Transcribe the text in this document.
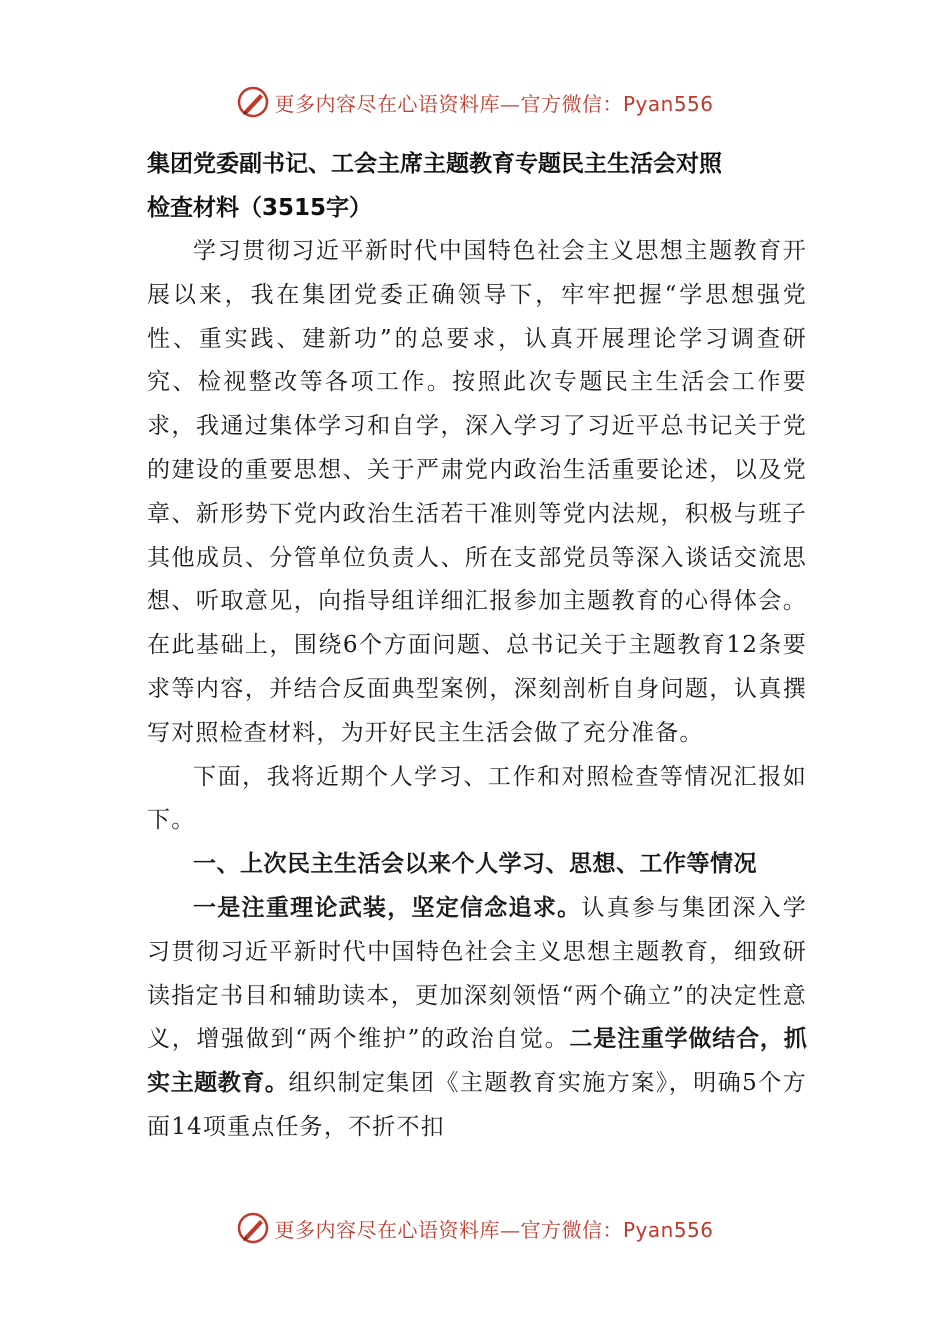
更多内容尽在心语资料库—官方微信：Pyan556

集团党委副书记、工会主席主题教育专题民主生活会对照
检查材料（3515字）

学习贯彻习近平新时代中国特色社会主义思想主题教育开展以来，我在集团党委正确领导下，牢牢把握“学思想强党性、重实践、建新功”的总要求，认真开展理论学习调查研究、检视整改等各项工作。按照此次专题民主生活会工作要求，我通过集体学习和自学，深入学习了习近平总书记关于党的建设的重要思想、关于严肃党内政治生活重要论述，以及党章、新形势下党内政治生活若干准则等党内法规，积极与班子其他成员、分管单位负责人、所在支部党员等深入谈话交流思想、听取意见，向指导组详细汇报参加主题教育的心得体会。在此基础上，围绕6个方面问题、总书记关于主题教育12条要求等内容，并结合反面典型案例，深刻剖析自身问题，认真撰写对照检查材料，为开好民主生活会做了充分准备。

下面，我将近期个人学习、工作和对照检查等情况汇报如下。

一、上次民主生活会以来个人学习、思想、工作等情况

一是注重理论武装，坚定信念追求。认真参与集团深入学习贯彻习近平新时代中国特色社会主义思想主题教育，细致研读指定书目和辅助读本，更加深刻领悟“两个确立”的决定性意义，增强做到“两个维护”的政治自觉。二是注重学做结合，抓实主题教育。组织制定集团《主题教育实施方案》，明确5个方面14项重点任务，不折不扣

更多内容尽在心语资料库—官方微信：Pyan556
